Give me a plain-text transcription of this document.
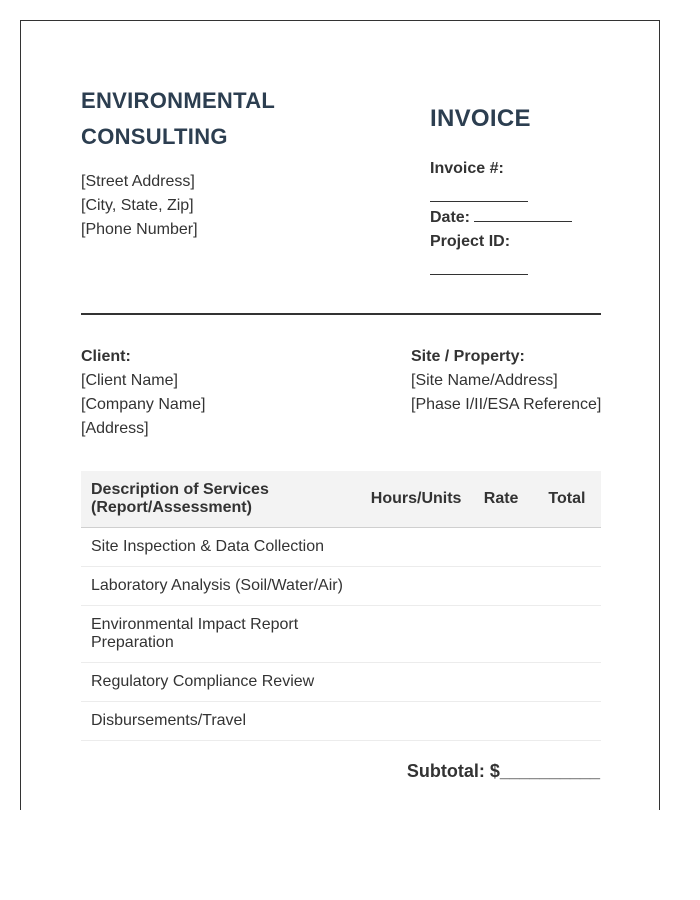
ENVIRONMENTAL
CONSULTING
[Street Address]
[City, State, Zip]
[Phone Number]
INVOICE
Invoice #:
Date:
Project ID:
Client:
[Client Name]
[Company Name]
[Address]
Site / Property:
[Site Name/Address]
[Phase I/II/ESA Reference]
Description of Services (Report/Assessment)	Hours/Units	Rate	Total
Site Inspection & Data Collection			
Laboratory Analysis (Soil/Water/Air)			
Environmental Impact Report Preparation			
Regulatory Compliance Review			
Disbursements/Travel			
Subtotal: $__________
